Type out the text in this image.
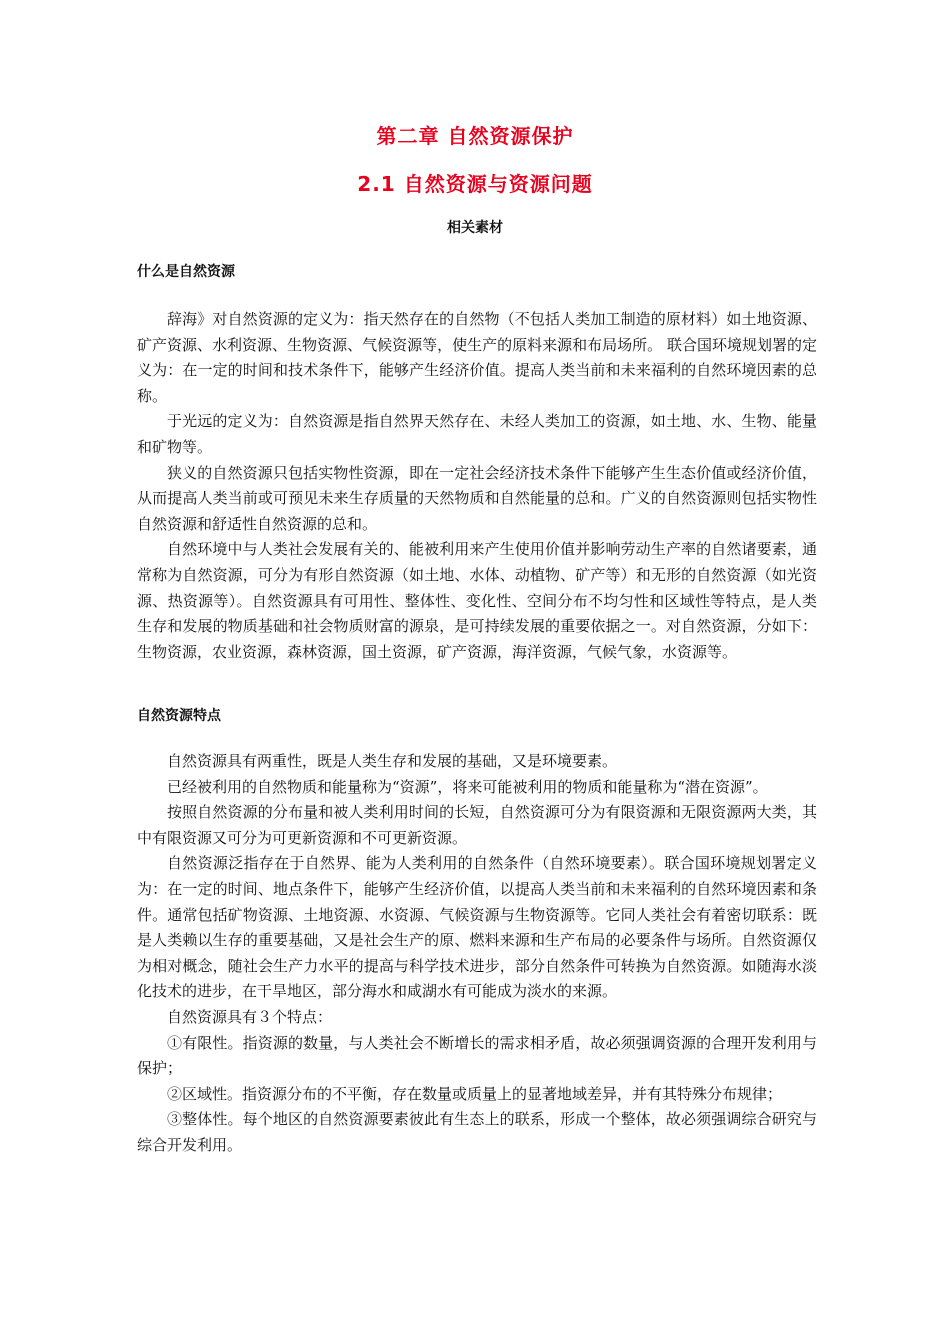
第二章 自然资源保护
2.1 自然资源与资源问题
相关素材
什么是自然资源

辞海》对自然资源的定义为：指天然存在的自然物（不包括人类加工制造的原材料）如土地资源、矿产资源、水利资源、生物资源、气候资源等，使生产的原料来源和布局场所。 联合国环境规划署的定义为：在一定的时间和技术条件下，能够产生经济价值。提高人类当前和未来福利的自然环境因素的总称。

于光远的定义为：自然资源是指自然界天然存在、未经人类加工的资源，如土地、水、生物、能量和矿物等。

狭义的自然资源只包括实物性资源，即在一定社会经济技术条件下能够产生生态价值或经济价值，从而提高人类当前或可预见未来生存质量的天然物质和自然能量的总和。广义的自然资源则包括实物性自然资源和舒适性自然资源的总和。

自然环境中与人类社会发展有关的、能被利用来产生使用价值并影响劳动生产率的自然诸要素，通常称为自然资源，可分为有形自然资源（如土地、水体、动植物、矿产等）和无形的自然资源（如光资源、热资源等）。自然资源具有可用性、整体性、变化性、空间分布不均匀性和区域性等特点，是人类生存和发展的物质基础和社会物质财富的源泉，是可持续发展的重要依据之一。对自然资源，分如下：生物资源，农业资源，森林资源，国土资源，矿产资源，海洋资源，气候气象，水资源等。

自然资源特点

自然资源具有两重性，既是人类生存和发展的基础，又是环境要素。

已经被利用的自然物质和能量称为“资源”，将来可能被利用的物质和能量称为“潜在资源”。

按照自然资源的分布量和被人类利用时间的长短，自然资源可分为有限资源和无限资源两大类，其中有限资源又可分为可更新资源和不可更新资源。

自然资源泛指存在于自然界、能为人类利用的自然条件（自然环境要素）。联合国环境规划署定义为：在一定的时间、地点条件下，能够产生经济价值，以提高人类当前和未来福利的自然环境因素和条件。通常包括矿物资源、土地资源、水资源、气候资源与生物资源等。它同人类社会有着密切联系：既是人类赖以生存的重要基础，又是社会生产的原、燃料来源和生产布局的必要条件与场所。自然资源仅为相对概念，随社会生产力水平的提高与科学技术进步，部分自然条件可转换为自然资源。如随海水淡化技术的进步，在干旱地区，部分海水和咸湖水有可能成为淡水的来源。

自然资源具有３个特点：

①有限性。指资源的数量，与人类社会不断增长的需求相矛盾，故必须强调资源的合理开发利用与保护；

②区域性。指资源分布的不平衡，存在数量或质量上的显著地域差异，并有其特殊分布规律；

③整体性。每个地区的自然资源要素彼此有生态上的联系，形成一个整体，故必须强调综合研究与综合开发利用。
